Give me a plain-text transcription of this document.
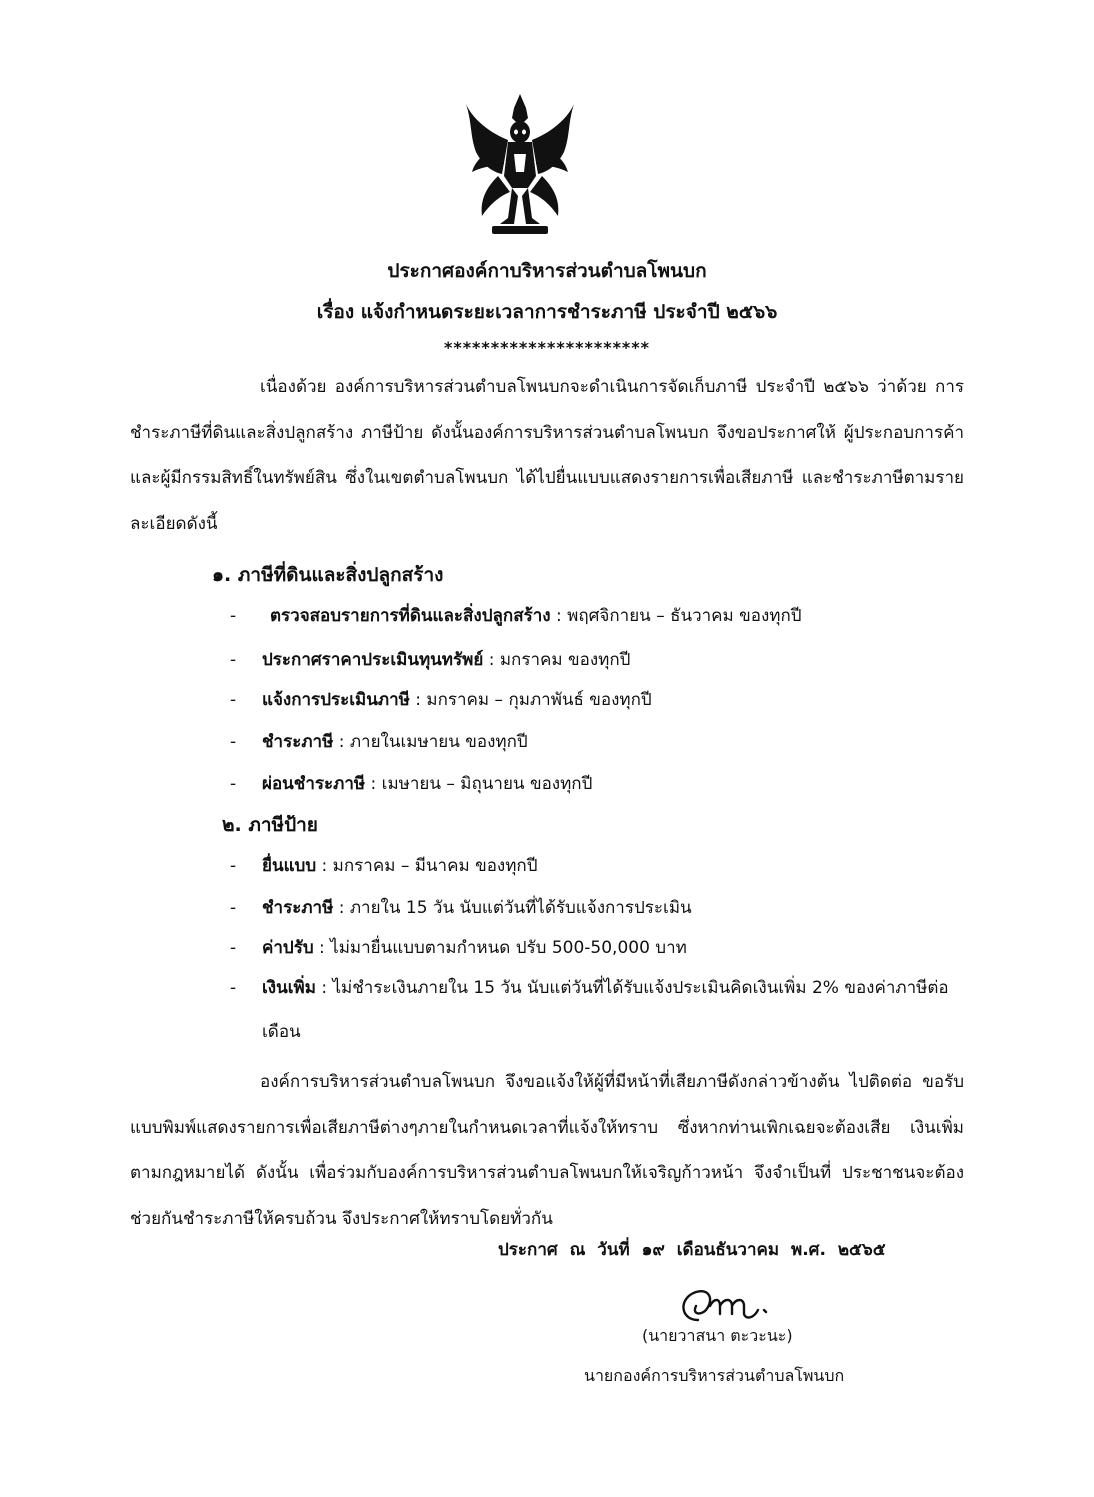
ประกาศองค์กาบริหารส่วนตำบลโพนบก
เรื่อง แจ้งกำหนดระยะเวลาการชำระภาษี ประจำปี ๒๕๖๖
**********************
เนื่องด้วย องค์การบริหารส่วนตำบลโพนบกจะดำเนินการจัดเก็บภาษี ประจำปี ๒๕๖๖ ว่าด้วย การชำระภาษีที่ดินและสิ่งปลูกสร้าง ภาษีป้าย ดังนั้นองค์การบริหารส่วนตำบลโพนบก จึงขอประกาศให้ ผู้ประกอบการค้าและผู้มีกรรมสิทธิ์ในทรัพย์สิน ซึ่งในเขตตำบลโพนบก ได้ไปยื่นแบบแสดงรายการเพื่อเสียภาษี และชำระภาษีตามรายละเอียดดังนี้
๑. ภาษีที่ดินและสิ่งปลูกสร้าง
- ตรวจสอบรายการที่ดินและสิ่งปลูกสร้าง : พฤศจิกายน – ธันวาคม ของทุกปี
- ประกาศราคาประเมินทุนทรัพย์ : มกราคม ของทุกปี
- แจ้งการประเมินภาษี : มกราคม – กุมภาพันธ์ ของทุกปี
- ชำระภาษี : ภายในเมษายน ของทุกปี
- ผ่อนชำระภาษี : เมษายน – มิถุนายน ของทุกปี
๒. ภาษีป้าย
- ยื่นแบบ : มกราคม – มีนาคม ของทุกปี
- ชำระภาษี : ภายใน 15 วัน นับแต่วันที่ได้รับแจ้งการประเมิน
- ค่าปรับ : ไม่มายื่นแบบตามกำหนด ปรับ 500-50,000 บาท
- เงินเพิ่ม : ไม่ชำระเงินภายใน 15 วัน นับแต่วันที่ได้รับแจ้งประเมินคิดเงินเพิ่ม 2% ของค่าภาษีต่อ
เดือน
องค์การบริหารส่วนตำบลโพนบก จึงขอแจ้งให้ผู้ที่มีหน้าที่เสียภาษีดังกล่าวข้างต้น ไปติดต่อ ขอรับแบบพิมพ์แสดงรายการเพื่อเสียภาษีต่างๆภายในกำหนดเวลาที่แจ้งให้ทราบ ซึ่งหากท่านเพิกเฉยจะต้องเสีย เงินเพิ่มตามกฎหมายได้ ดังนั้น เพื่อร่วมกับองค์การบริหารส่วนตำบลโพนบกให้เจริญก้าวหน้า จึงจำเป็นที่ ประชาชนจะต้องช่วยกันชำระภาษีให้ครบถ้วน จึงประกาศให้ทราบโดยทั่วกัน
ประกาศ ณ วันที่ ๑๙ เดือนธันวาคม พ.ศ. ๒๕๖๕
(นายวาสนา ตะวะนะ)
นายกองค์การบริหารส่วนตำบลโพนบก
